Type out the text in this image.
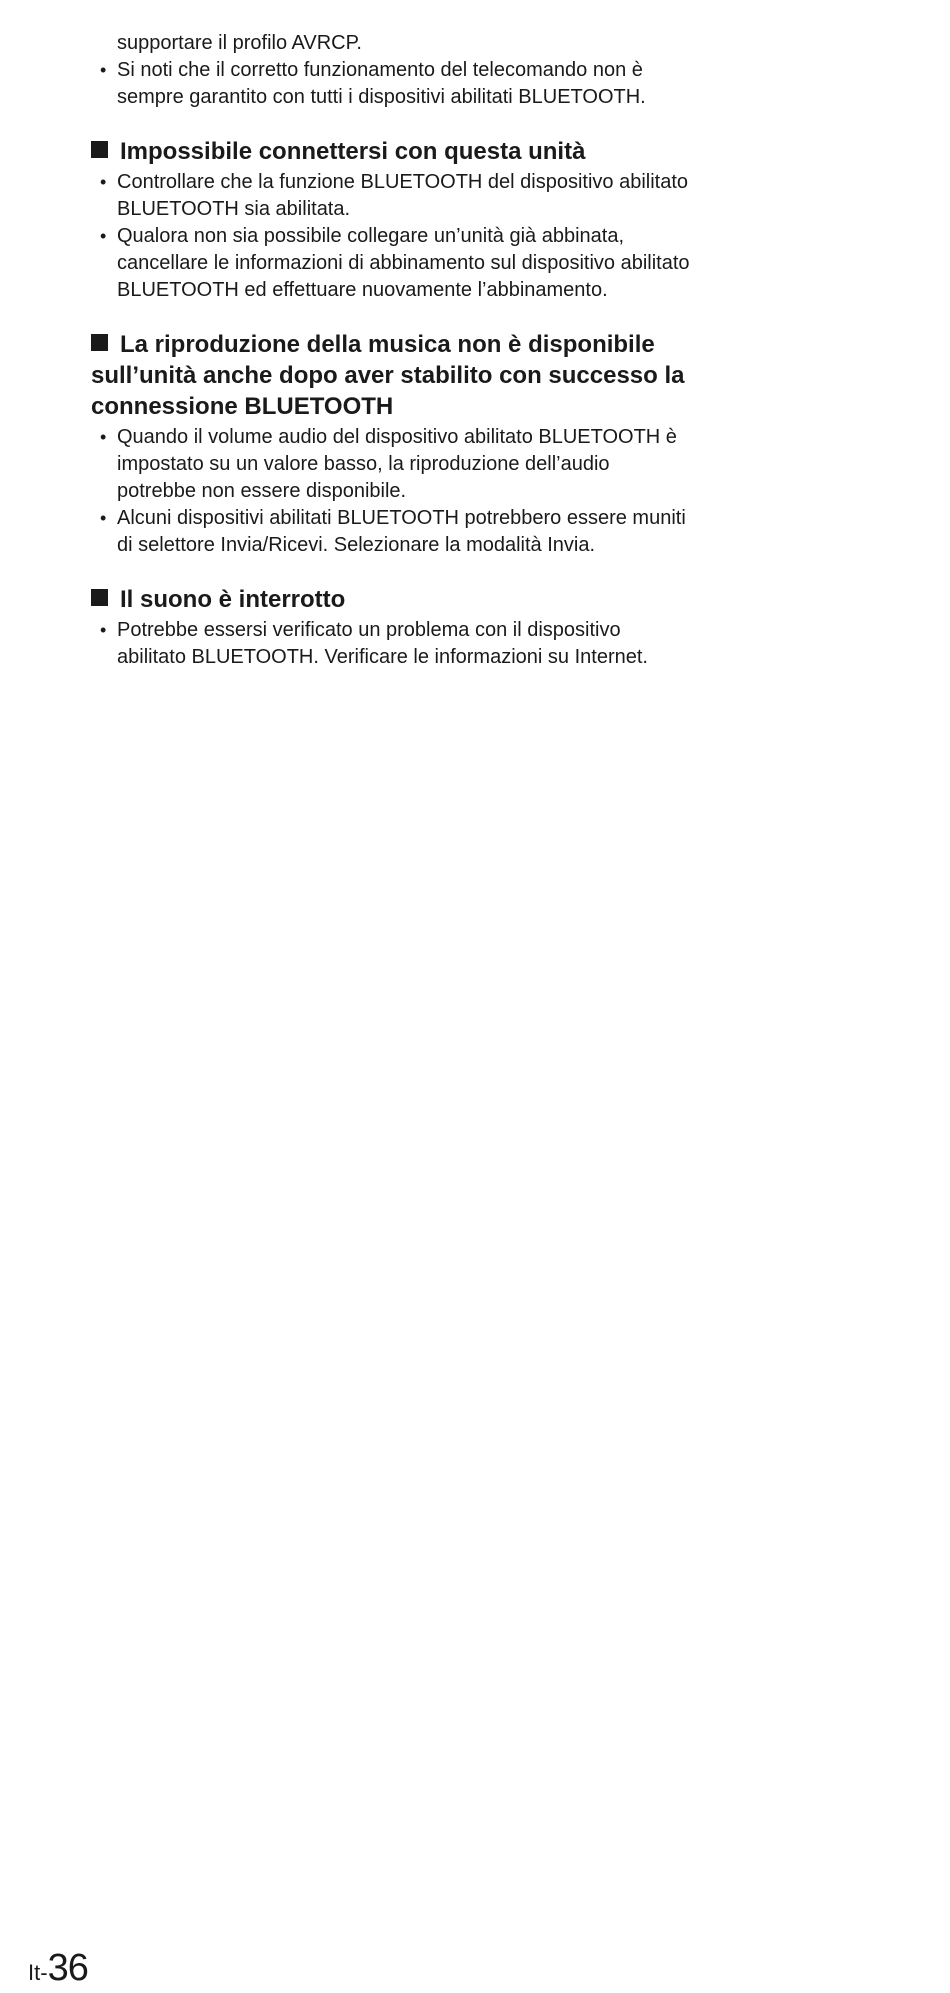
supportare il profilo AVRCP.

• Si noti che il corretto funzionamento del telecomando non è sempre garantito con tutti i dispositivi abilitati BLUETOOTH.
Impossibile connettersi con questa unità
• Controllare che la funzione BLUETOOTH del dispositivo abilitato BLUETOOTH sia abilitata.
• Qualora non sia possibile collegare un’unità già abbinata, cancellare le informazioni di abbinamento sul dispositivo abilitato BLUETOOTH ed effettuare nuovamente l’abbinamento.
La riproduzione della musica non è disponibile sull’unità anche dopo aver stabilito con successo la connessione BLUETOOTH
• Quando il volume audio del dispositivo abilitato BLUETOOTH è impostato su un valore basso, la riproduzione dell’audio potrebbe non essere disponibile.
• Alcuni dispositivi abilitati BLUETOOTH potrebbero essere muniti di selettore Invia/Ricevi. Selezionare la modalità Invia.
Il suono è interrotto
• Potrebbe essersi verificato un problema con il dispositivo abilitato BLUETOOTH. Verificare le informazioni su Internet.
It-36
